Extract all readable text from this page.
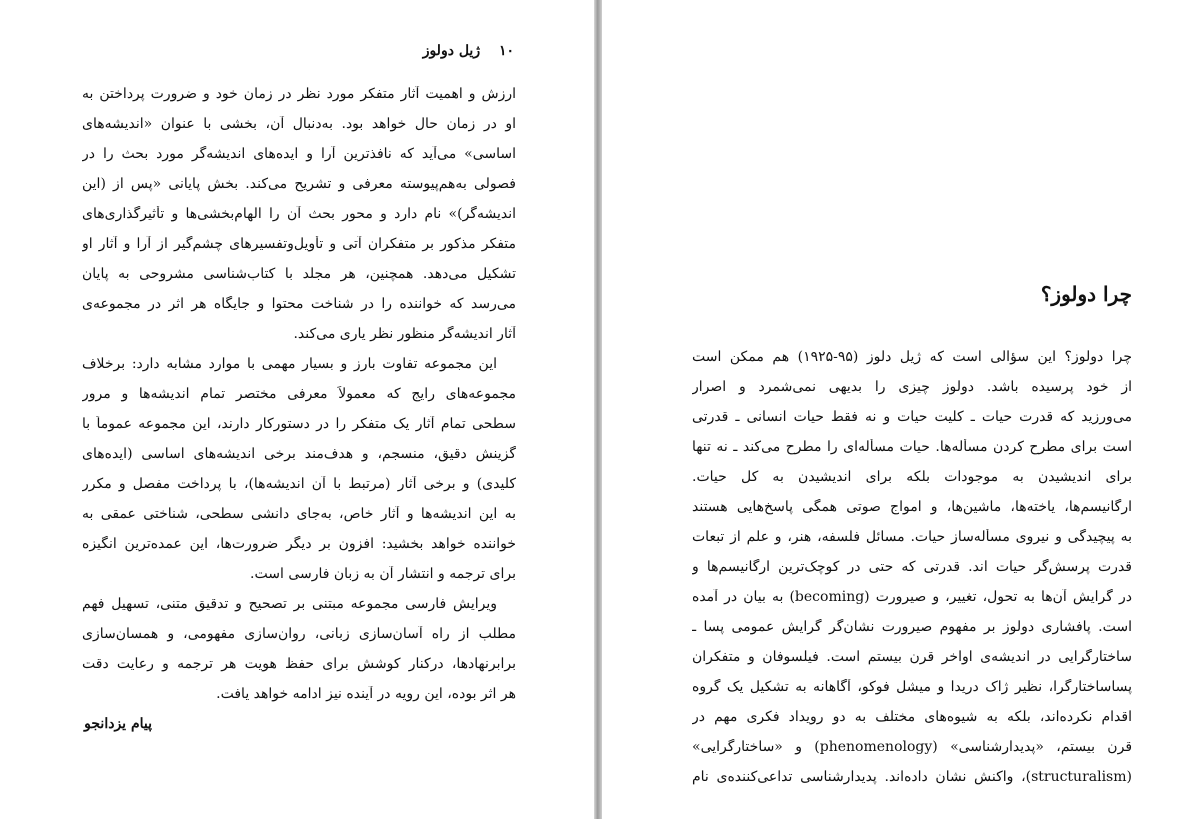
۱۰ ژیل دولوز
ارزش و اهمیت آثار متفکر مورد نظر در زمان خود و ضرورت پرداختن به
او در زمان حال خواهد بود. به‌دنبال آن، بخشی با عنوان «اندیشه‌های
اساسی» می‌آید که نافذترین آرا و ایده‌های اندیشه‌گر مورد بحث را در
فصولی به‌هم‌پیوسته معرفی و تشریح می‌کند. بخش پایانی «پس از (این
اندیشه‌گر)» نام دارد و محور بحث آن را الهام‌بخشی‌ها و تأثیرگذاری‌های
متفکر مذکور بر متفکران آتی و تأویل‌وتفسیرهای چشم‌گیر از آرا و آثار او
تشکیل می‌دهد. همچنین، هر مجلد با کتاب‌شناسی مشروحی به پایان
می‌رسد که خواننده را در شناخت محتوا و جایگاه هر اثر در مجموعه‌ی
آثار اندیشه‌گر منظور نظر یاری می‌کند.
این مجموعه تفاوت بارز و بسیار مهمی با موارد مشابه دارد: برخلاف
مجموعه‌های رایج که معمولاً معرفی مختصر تمام اندیشه‌ها و مرور
سطحی تمام آثار یک متفکر را در دستورکار دارند، این مجموعه عموماً با
گزینش دقیق، منسجم، و هدف‌مند برخی اندیشه‌های اساسی (ایده‌های
کلیدی) و برخی آثار (مرتبط با آن اندیشه‌ها)، با پرداخت مفصل و مکرر
به این اندیشه‌ها و آثار خاص، به‌جای دانشی سطحی، شناختی عمقی به
خواننده خواهد بخشید: افزون بر دیگر ضرورت‌ها، این عمده‌ترین انگیزه
برای ترجمه و انتشار آن به زبان فارسی است.
ویرایش فارسی مجموعه مبتنی بر تصحیح و تدقیق متنی، تسهیل فهم
مطلب از راه آسان‌سازی زبانی، روان‌سازی مفهومی، و همسان‌سازی
برابرنهادها، درکنار کوشش برای حفظ هویت هر ترجمه و رعایت دقت
هر اثر بوده، این رویه در آینده نیز ادامه خواهد یافت.
پیام یزدانجو
چرا دولوز؟
چرا دولوز؟ این سؤالی است که ژیل دلوز (۹۵-۱۹۲۵) هم ممکن است
از خود پرسیده باشد. دولوز چیزی را بدیهی نمی‌شمرد و اصرار
می‌ورزید که قدرت حیات ـ کلیت حیات و نه فقط حیات انسانی ـ قدرتی
است برای مطرح کردن مسأله‌ها. حیات مسأله‌ای را مطرح می‌کند ـ نه تنها
برای اندیشیدن به موجودات بلکه برای اندیشیدن به کل حیات.
ارگانیسم‌ها، یاخته‌ها، ماشین‌ها، و امواج صوتی همگی پاسخ‌هایی هستند
به پیچیدگی و نیروی مسأله‌ساز حیات. مسائل فلسفه، هنر، و علم از تبعات
قدرت پرسش‌گر حیات اند. قدرتی که حتی در کوچک‌ترین ارگانیسم‌ها و
در گرایش آن‌ها به تحول، تغییر، و صیرورت (becoming) به بیان در آمده
است. پافشاری دولوز بر مفهوم صیرورت نشان‌گر گرایش عمومی پسا ـ
ساختارگرایی در اندیشه‌ی اواخر قرن بیستم است. فیلسوفان و متفکران
پساساختارگرا، نظیر ژاک دریدا و میشل فوکو، آگاهانه به تشکیل یک گروه
اقدام نکرده‌اند، بلکه به شیوه‌های مختلف به دو رویداد فکری مهم در
قرن بیستم، «پدیدارشناسی» (phenomenology) و «ساختارگرایی»
(structuralism)، واکنش نشان داده‌اند. پدیدارشناسی تداعی‌کننده‌ی نام
